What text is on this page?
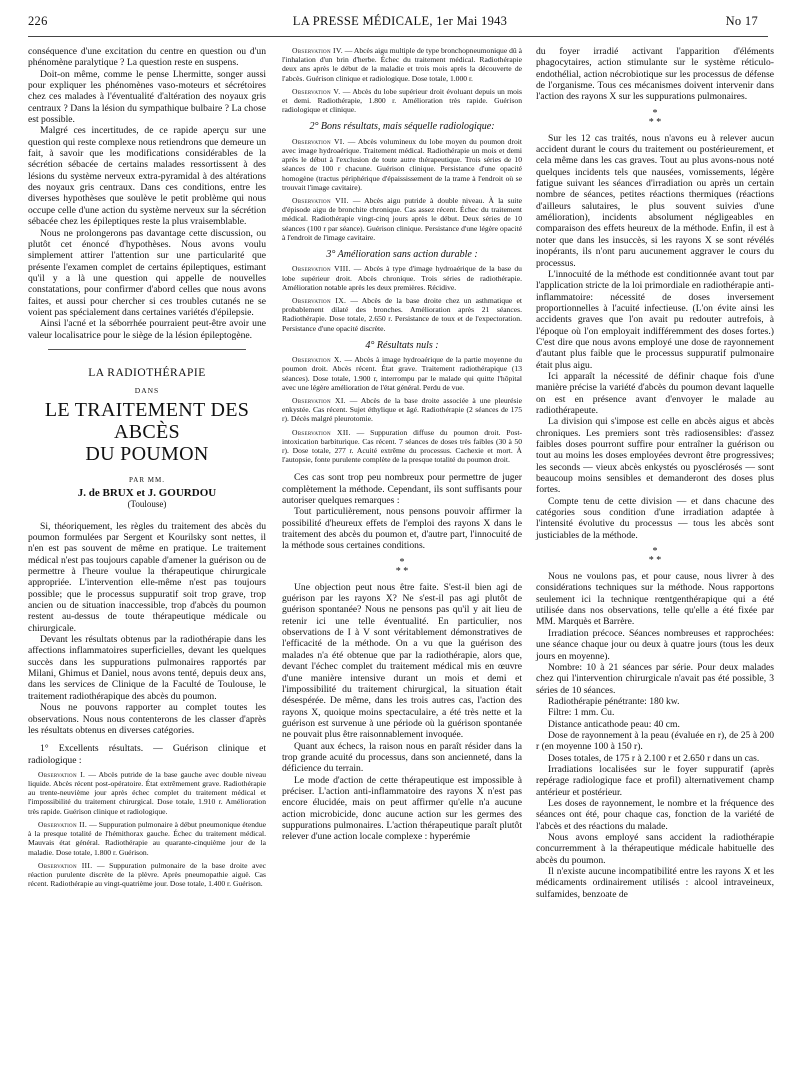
226	LA PRESSE MÉDICALE, 1er Mai 1943	No 17

conséquence d'une excitation du centre en question ou d'un phénomène paralytique ? La question reste en suspens.

Doit-on même, comme le pense Lhermitte, songer aussi pour expliquer les phénomènes vaso-moteurs et sécrétoires chez ces malades à l'éventualité d'altération des noyaux gris centraux ? Dans la lésion du sympathique bulbaire ? La chose est possible.

Malgré ces incertitudes, de ce rapide aperçu sur une question qui reste complexe nous retiendrons que demeure un fait, à savoir que les modifications considérables de la sécrétion sébacée de certains malades ressortissent à des lésions du système nerveux extra-pyramidal à des altérations des noyaux gris centraux. Dans ces conditions, entre les diverses hypothèses que soulève le petit problème qui nous occupe celle d'une action du système nerveux sur la sécrétion sébacée chez les épileptiques reste la plus vraisemblable.

Nous ne prolongerons pas davantage cette discussion, ou plutôt cet énoncé d'hypothèses. Nous avons voulu simplement attirer l'attention sur une particularité que présente l'examen complet de certains épileptiques, estimant qu'il y a là une question qui appelle de nouvelles constatations, pour confirmer d'abord celles que nous avons faites, et aussi pour chercher si ces troubles cutanés ne se voient pas spécialement dans certaines variétés d'épilepsie.

Ainsi l'acné et la séborrhée pourraient peut-être avoir une valeur localisatrice pour le siège de la lésion épileptogène.

LA RADIOTHÉRAPIE
DANS
LE TRAITEMENT DES ABCÈS
DU POUMON
PAR MM.
J. de BRUX et J. GOURDOU
(Toulouse)

Si, théoriquement, les règles du traitement des abcès du poumon formulées par Sergent et Kourilsky sont nettes, il n'en est pas souvent de même en pratique. Le traitement médical n'est pas toujours capable d'amener la guérison ou de permettre à l'heure voulue la thérapeutique chirurgicale appropriée. L'intervention elle-même n'est pas toujours possible; que le processus suppuratif soit trop grave, trop ancien ou de situation inaccessible, trop d'abcès du poumon restent au-dessus de toute thérapeutique médicale ou chirurgicale.

Devant les résultats obtenus par la radiothérapie dans les affections inflammatoires superficielles, devant les quelques succès dans les suppurations pulmonaires rapportés par Milani, Ghimus et Daniel, nous avons tenté, depuis deux ans, dans les services de Clinique de la Faculté de Toulouse, le traitement radiothérapique des abcès du poumon.

Nous ne pouvons rapporter au complet toutes les observations. Nous nous contenterons de les classer d'après les résultats obtenus en diverses catégories.

1° Excellents résultats. — Guérison clinique et radiologique :

Observation I. — Abcès putride de la base gauche avec double niveau liquide. Abcès récent post-opératoire. État extrêmement grave. Radiothérapie au trente-neuvième jour après échec complet du traitement médical et l'impossibilité du traitement chirurgical. Dose totale, 1.910 r. Amélioration très rapide. Guérison clinique et radiologique.

Observation II. — Suppuration pulmonaire à début pneumonique étendue à la presque totalité de l'hémithorax gauche. Échec du traitement médical. Mauvais état général. Radiothérapie au quarante-cinquième jour de la maladie. Dose totale, 1.800 r. Guérison.

Observation III. — Suppuration pulmonaire de la base droite avec réaction purulente discrète de la plèvre. Après pneumopathie aiguë. Cas récent. Radiothérapie au vingt-quatrième jour. Dose totale, 1.400 r. Guérison.

Observation IV. — Abcès aigu multiple de type bronchopneumonique dû à l'inhalation d'un brin d'herbe. Échec du traitement médical. Radiothérapie deux ans après le début de la maladie et trois mois après la découverte de l'abcès. Guérison clinique et radiologique. Dose totale, 1.000 r.

Observation V. — Abcès du lobe supérieur droit évoluant depuis un mois et demi. Radiothérapie, 1.800 r. Amélioration très rapide. Guérison radiologique et clinique.

2° Bons résultats, mais séquelle radiologique:

Observation VI. — Abcès volumineux du lobe moyen du poumon droit avec image hydroaérique. Traitement médical. Radiothérapie un mois et demi après le début à l'exclusion de toute autre thérapeutique. Trois séries de 10 séances de 100 r chacune. Guérison clinique. Persistance d'une opacité homogène (tractus périphérique d'épaississement de la trame à l'endroit où se trouvait l'image cavitaire).

Observation VII. — Abcès aigu putride à double niveau. À la suite d'épisode aigu de bronchite chronique. Cas assez récent. Échec du traitement médical. Radiothérapie vingt-cinq jours après le début. Deux séries de 10 séances (100 r par séance). Guérison clinique. Persistance d'une légère opacité à l'endroit de l'image cavitaire.

3° Amélioration sans action durable :

Observation VIII. — Abcès à type d'image hydroaérique de la base du lobe supérieur droit. Abcès chronique. Trois séries de radiothérapie. Amélioration notable après les deux premières. Récidive.

Observation IX. — Abcès de la base droite chez un asthmatique et probablement dilaté des bronches. Amélioration après 21 séances. Radiothérapie. Dose totale, 2.650 r. Persistance de toux et de l'expectoration. Persistance d'une opacité discrète.

4° Résultats nuls :

Observation X. — Abcès à image hydroaérique de la partie moyenne du poumon droit. Abcès récent. État grave. Traitement radiothérapique (13 séances). Dose totale, 1.900 r, interrompu par le malade qui quitte l'hôpital avec une légère amélioration de l'état général. Perdu de vue.

Observation XI. — Abcès de la base droite associée à une pleurésie enkystée. Cas récent. Sujet éthylique et âgé. Radiothérapie (2 séances de 175 r). Décès malgré pleurotomie.

Observation XII. — Suppuration diffuse du poumon droit. Post-intoxication barbiturique. Cas récent. 7 séances de doses très faibles (30 à 50 r). Dose totale, 277 r. Acuité extrême du processus. Cachexie et mort. À l'autopsie, fonte purulente complète de la presque totalité du poumon droit.

Ces cas sont trop peu nombreux pour permettre de juger complètement la méthode. Cependant, ils sont suffisants pour autoriser quelques remarques :

Tout particulièrement, nous pensons pouvoir affirmer la possibilité d'heureux effets de l'emploi des rayons X dans le traitement des abcès du poumon et, d'autre part, l'innocuité de la méthode sous certaines conditions.

*
* *

Une objection peut nous être faite. S'est-il bien agi de guérison par les rayons X? Ne s'est-il pas agi plutôt de guérison spontanée? Nous ne pensons pas qu'il y ait lieu de retenir ici une telle éventualité. En particulier, nos observations de I à V sont véritablement démonstratives de l'efficacité de la méthode. On a vu que la guérison des malades n'a été obtenue que par la radiothérapie, alors que, devant l'échec complet du traitement médical mis en œuvre d'une manière intensive durant un mois et demi et l'impossibilité du traitement chirurgical, la situation était désespérée. De même, dans les trois autres cas, l'action des rayons X, quoique moins spectaculaire, a été très nette et la guérison est survenue à une période où la guérison spontanée ne pouvait plus être raisonnablement invoquée.

Quant aux échecs, la raison nous en paraît résider dans la trop grande acuité du processus, dans son ancienneté, dans la déficience du terrain.

Le mode d'action de cette thérapeutique est impossible à préciser. L'action anti-inflammatoire des rayons X n'est pas encore élucidée, mais on peut affirmer qu'elle n'a aucune action microbicide, donc aucune action sur les germes des suppurations pulmonaires. L'action thérapeutique paraît plutôt relever d'une action locale complexe : hyperémie

du foyer irradié activant l'apparition d'éléments phagocytaires, action stimulante sur le système réticulo-endothélial, action nécrobiotique sur les processus de défense de l'organisme. Tous ces mécanismes doivent intervenir dans l'action des rayons X sur les suppurations pulmonaires.

*
* *

Sur les 12 cas traités, nous n'avons eu à relever aucun accident durant le cours du traitement ou postérieurement, et cela même dans les cas graves. Tout au plus avons-nous noté quelques incidents tels que nausées, vomissements, légère fatigue suivant les séances d'irradiation ou après un certain nombre de séances, petites réactions thermiques (réactions d'ailleurs salutaires, le plus souvent suivies d'une amélioration), incidents absolument négligeables en comparaison des effets heureux de la méthode. Enfin, il est à noter que dans les insuccès, si les rayons X se sont révélés inopérants, ils n'ont paru aucunement aggraver le cours du processus.

L'innocuité de la méthode est conditionnée avant tout par l'application stricte de la loi primordiale en radiothérapie anti-inflammatoire: nécessité de doses inversement proportionnelles à l'acuité infectieuse. (L'on évite ainsi les accidents graves que l'on avait pu redouter autrefois, à l'époque où l'on employait indifféremment des doses fortes.) C'est dire que nous avons employé une dose de rayonnement d'autant plus faible que le processus suppuratif pulmonaire était plus aigu.

Ici apparaît la nécessité de définir chaque fois d'une manière précise la variété d'abcès du poumon devant laquelle on est en présence avant d'envoyer le malade au radiothérapeute.

La division qui s'impose est celle en abcès aigus et abcès chroniques. Les premiers sont très radiosensibles: d'assez faibles doses pourront suffire pour entraîner la guérison ou tout au moins les doses employées devront être progressives; les seconds — vieux abcès enkystés ou pyosclérosés — sont beaucoup moins sensibles et demanderont des doses plus fortes.

Compte tenu de cette division — et dans chacune des catégories sous condition d'une irradiation adaptée à l'intensité évolutive du processus — tous les abcès sont justiciables de la méthode.

*
* *

Nous ne voulons pas, et pour cause, nous livrer à des considérations techniques sur la méthode. Nous rapportons seulement ici la technique rœntgenthérapique qui a été utilisée dans nos observations, telle qu'elle a été fixée par MM. Marquès et Barrère.

Irradiation précoce. Séances nombreuses et rapprochées: une séance chaque jour ou deux à quatre jours (tous les deux jours en moyenne).

Nombre: 10 à 21 séances par série. Pour deux malades chez qui l'intervention chirurgicale n'avait pas été possible, 3 séries de 10 séances.

Radiothérapie pénétrante: 180 kw.

Filtre: 1 mm. Cu.

Distance anticathode peau: 40 cm.

Dose de rayonnement à la peau (évaluée en r), de 25 à 200 r (en moyenne 100 à 150 r).

Doses totales, de 175 r à 2.100 r et 2.650 r dans un cas.

Irradiations localisées sur le foyer suppuratif (après repérage radiologique face et profil) alternativement champ antérieur et postérieur.

Les doses de rayonnement, le nombre et la fréquence des séances ont été, pour chaque cas, fonction de la variété de l'abcès et des réactions du malade.

Nous avons employé sans accident la radiothérapie concurremment à la thérapeutique médicale habituelle des abcès du poumon.

Il n'existe aucune incompatibilité entre les rayons X et les médicaments ordinairement utilisés : alcool intraveineux, sulfamides, benzoate de
